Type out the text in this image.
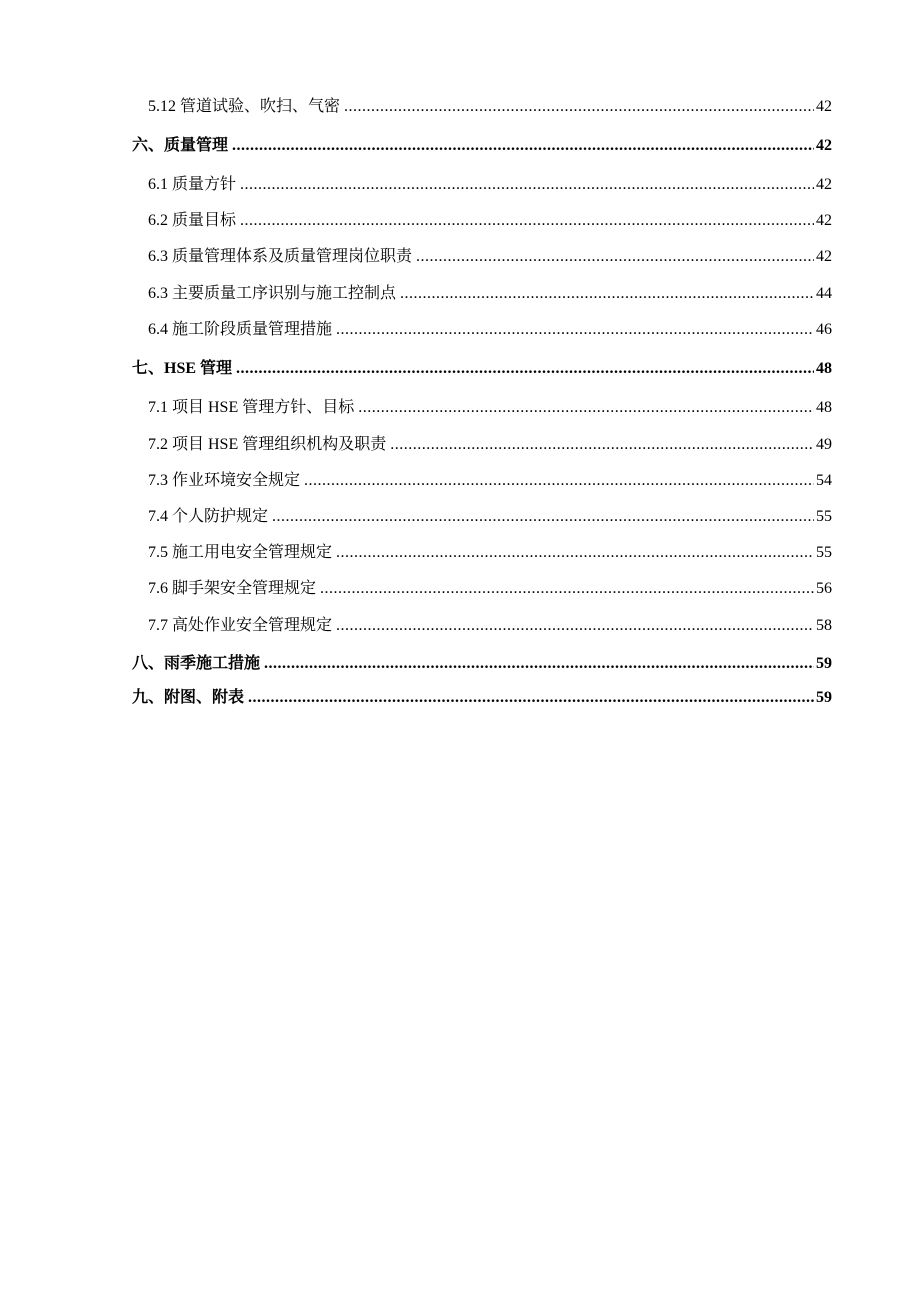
5.12 管道试验、吹扫、气密 .....	42
六、质量管理 .....	42
6.1 质量方针 .....	42
6.2 质量目标 .....	42
6.3 质量管理体系及质量管理岗位职责 .....	42
6.3 主要质量工序识别与施工控制点 .....	44
6.4 施工阶段质量管理措施 .....	46
七、HSE 管理 .....	48
7.1 项目 HSE 管理方针、目标 .....	48
7.2 项目 HSE 管理组织机构及职责 .....	49
7.3 作业环境安全规定 .....	54
7.4 个人防护规定 .....	55
7.5 施工用电安全管理规定 .....	55
7.6 脚手架安全管理规定 .....	56
7.7 高处作业安全管理规定 .....	58
八、雨季施工措施 .....	59
九、附图、附表 .....	59
